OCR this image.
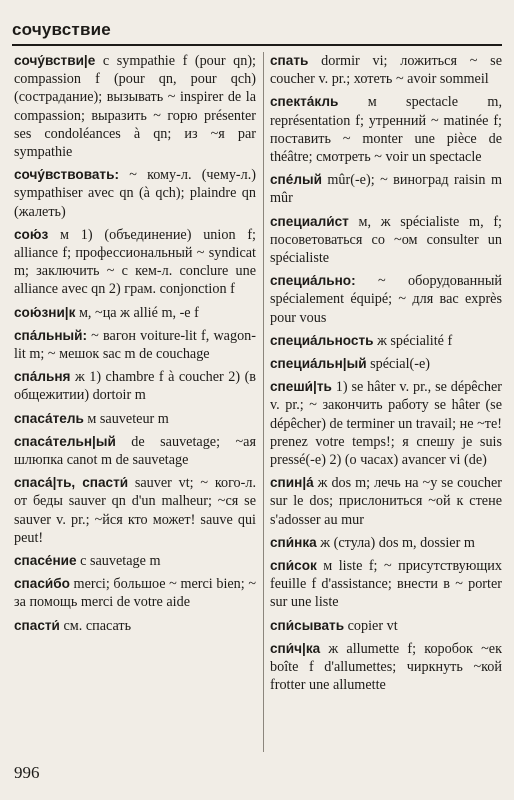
сочувствие
сочу́встви|е с sympathie f (pour qn); compassion f (pour qn, pour qch) (сострадание); вызывать ~ inspirer de la compassion; выразить ~ горю présenter ses condoléances à qn; из ~я par sympathie
сочу́вствовать: ~ кому-л. (чему-л.) sympathiser avec qn (à qch); plaindre qn (жалеть)
сою́з м 1) (объединение) union f; alliance f; профессиональный ~ syndicat m; заключить ~ с кем-л. conclure une alliance avec qn 2) грам. conjonction f
сою́зни|к м, ~ца ж allié m, -e f
спа́льный: ~ вагон voiture-lit f, wagon-lit m; ~ мешок sac m de couchage
спа́льня ж 1) chambre f à coucher 2) (в общежитии) dortoir m
спаса́тель м sauveteur m
спаса́тельн|ый de sauvetage; ~ая шлюпка canot m de sauvetage
спаса́|ть, спасти́ sauver vt; ~ кого-л. от беды sauver qn d'un malheur; ~ся se sauver v. pr.; ~йся кто может! sauve qui peut!
спасе́ние с sauvetage m
спаси́бо merci; большое ~ merci bien; ~ за помощь merci de votre aide
спасти́ см. спасать
спать dormir vi; ложиться ~ se coucher v. pr.; хотеть ~ avoir sommeil
спекта́кль м spectacle m, représentation f; утренний ~ matinée f; поставить ~ monter une pièce de théâtre; смотреть ~ voir un spectacle
спе́лый mûr(-e); ~ виноград raisin m mûr
специали́ст м, ж spécialiste m, f; посоветоваться со ~ом consulter un spécialiste
специа́льно: ~ оборудованный spécialement équipé; ~ для вас exprès pour vous
специа́льность ж spécialité f
специа́льн|ый spécial(-e)
спеши́|ть 1) se hâter v. pr., se dépêcher v. pr.; ~ закончить работу se hâter (se dépêcher) de terminer un travail; не ~те! prenez votre temps!; я спешу je suis pressé(-e) 2) (о часах) avancer vi (de)
спин|а́ ж dos m; лечь на ~у se coucher sur le dos; прислониться ~ой к стене s'adosser au mur
спи́нка ж (стула) dos m, dossier m
спи́сок м liste f; ~ присутствующих feuille f d'assistance; внести в ~ porter sur une liste
спи́сывать copier vt
спи́ч|ка ж allumette f; коробок ~ек boîte f d'allumettes; чиркнуть ~кой frotter une allumette
996
